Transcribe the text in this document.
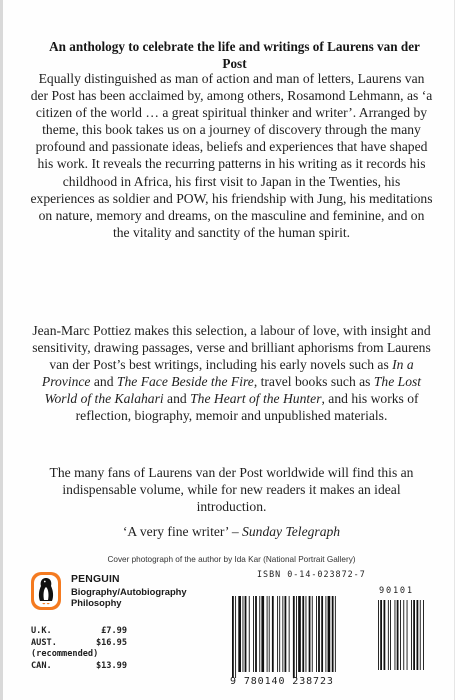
An anthology to celebrate the life and writings of Laurens van der Post

Equally distinguished as man of action and man of letters, Laurens van der Post has been acclaimed by, among others, Rosamond Lehmann, as ‘a citizen of the world … a great spiritual thinker and writer’. Arranged by theme, this book takes us on a journey of discovery through the many profound and passionate ideas, beliefs and experiences that have shaped his work. It reveals the recurring patterns in his writing as it records his childhood in Africa, his first visit to Japan in the Twenties, his experiences as soldier and POW, his friendship with Jung, his meditations on nature, memory and dreams, on the masculine and feminine, and on the vitality and sanctity of the human spirit.

Jean-Marc Pottiez makes this selection, a labour of love, with insight and sensitivity, drawing passages, verse and brilliant aphorisms from Laurens van der Post’s best writings, including his early novels such as In a Province and The Face Beside the Fire, travel books such as The Lost World of the Kalahari and The Heart of the Hunter, and his works of reflection, biography, memoir and unpublished materials.

The many fans of Laurens van der Post worldwide will find this an indispensable volume, while for new readers it makes an ideal introduction.

‘A very fine writer’ – Sunday Telegraph
Cover photograph of the author by Ida Kar (National Portrait Gallery)
PENGUIN
Biography/Autobiography
Philosophy
U.K.	£7.99
AUST.	$16.95
(recommended)
CAN.	$13.99
ISBN 0-14-023872-7
90101
9 780140 238723
